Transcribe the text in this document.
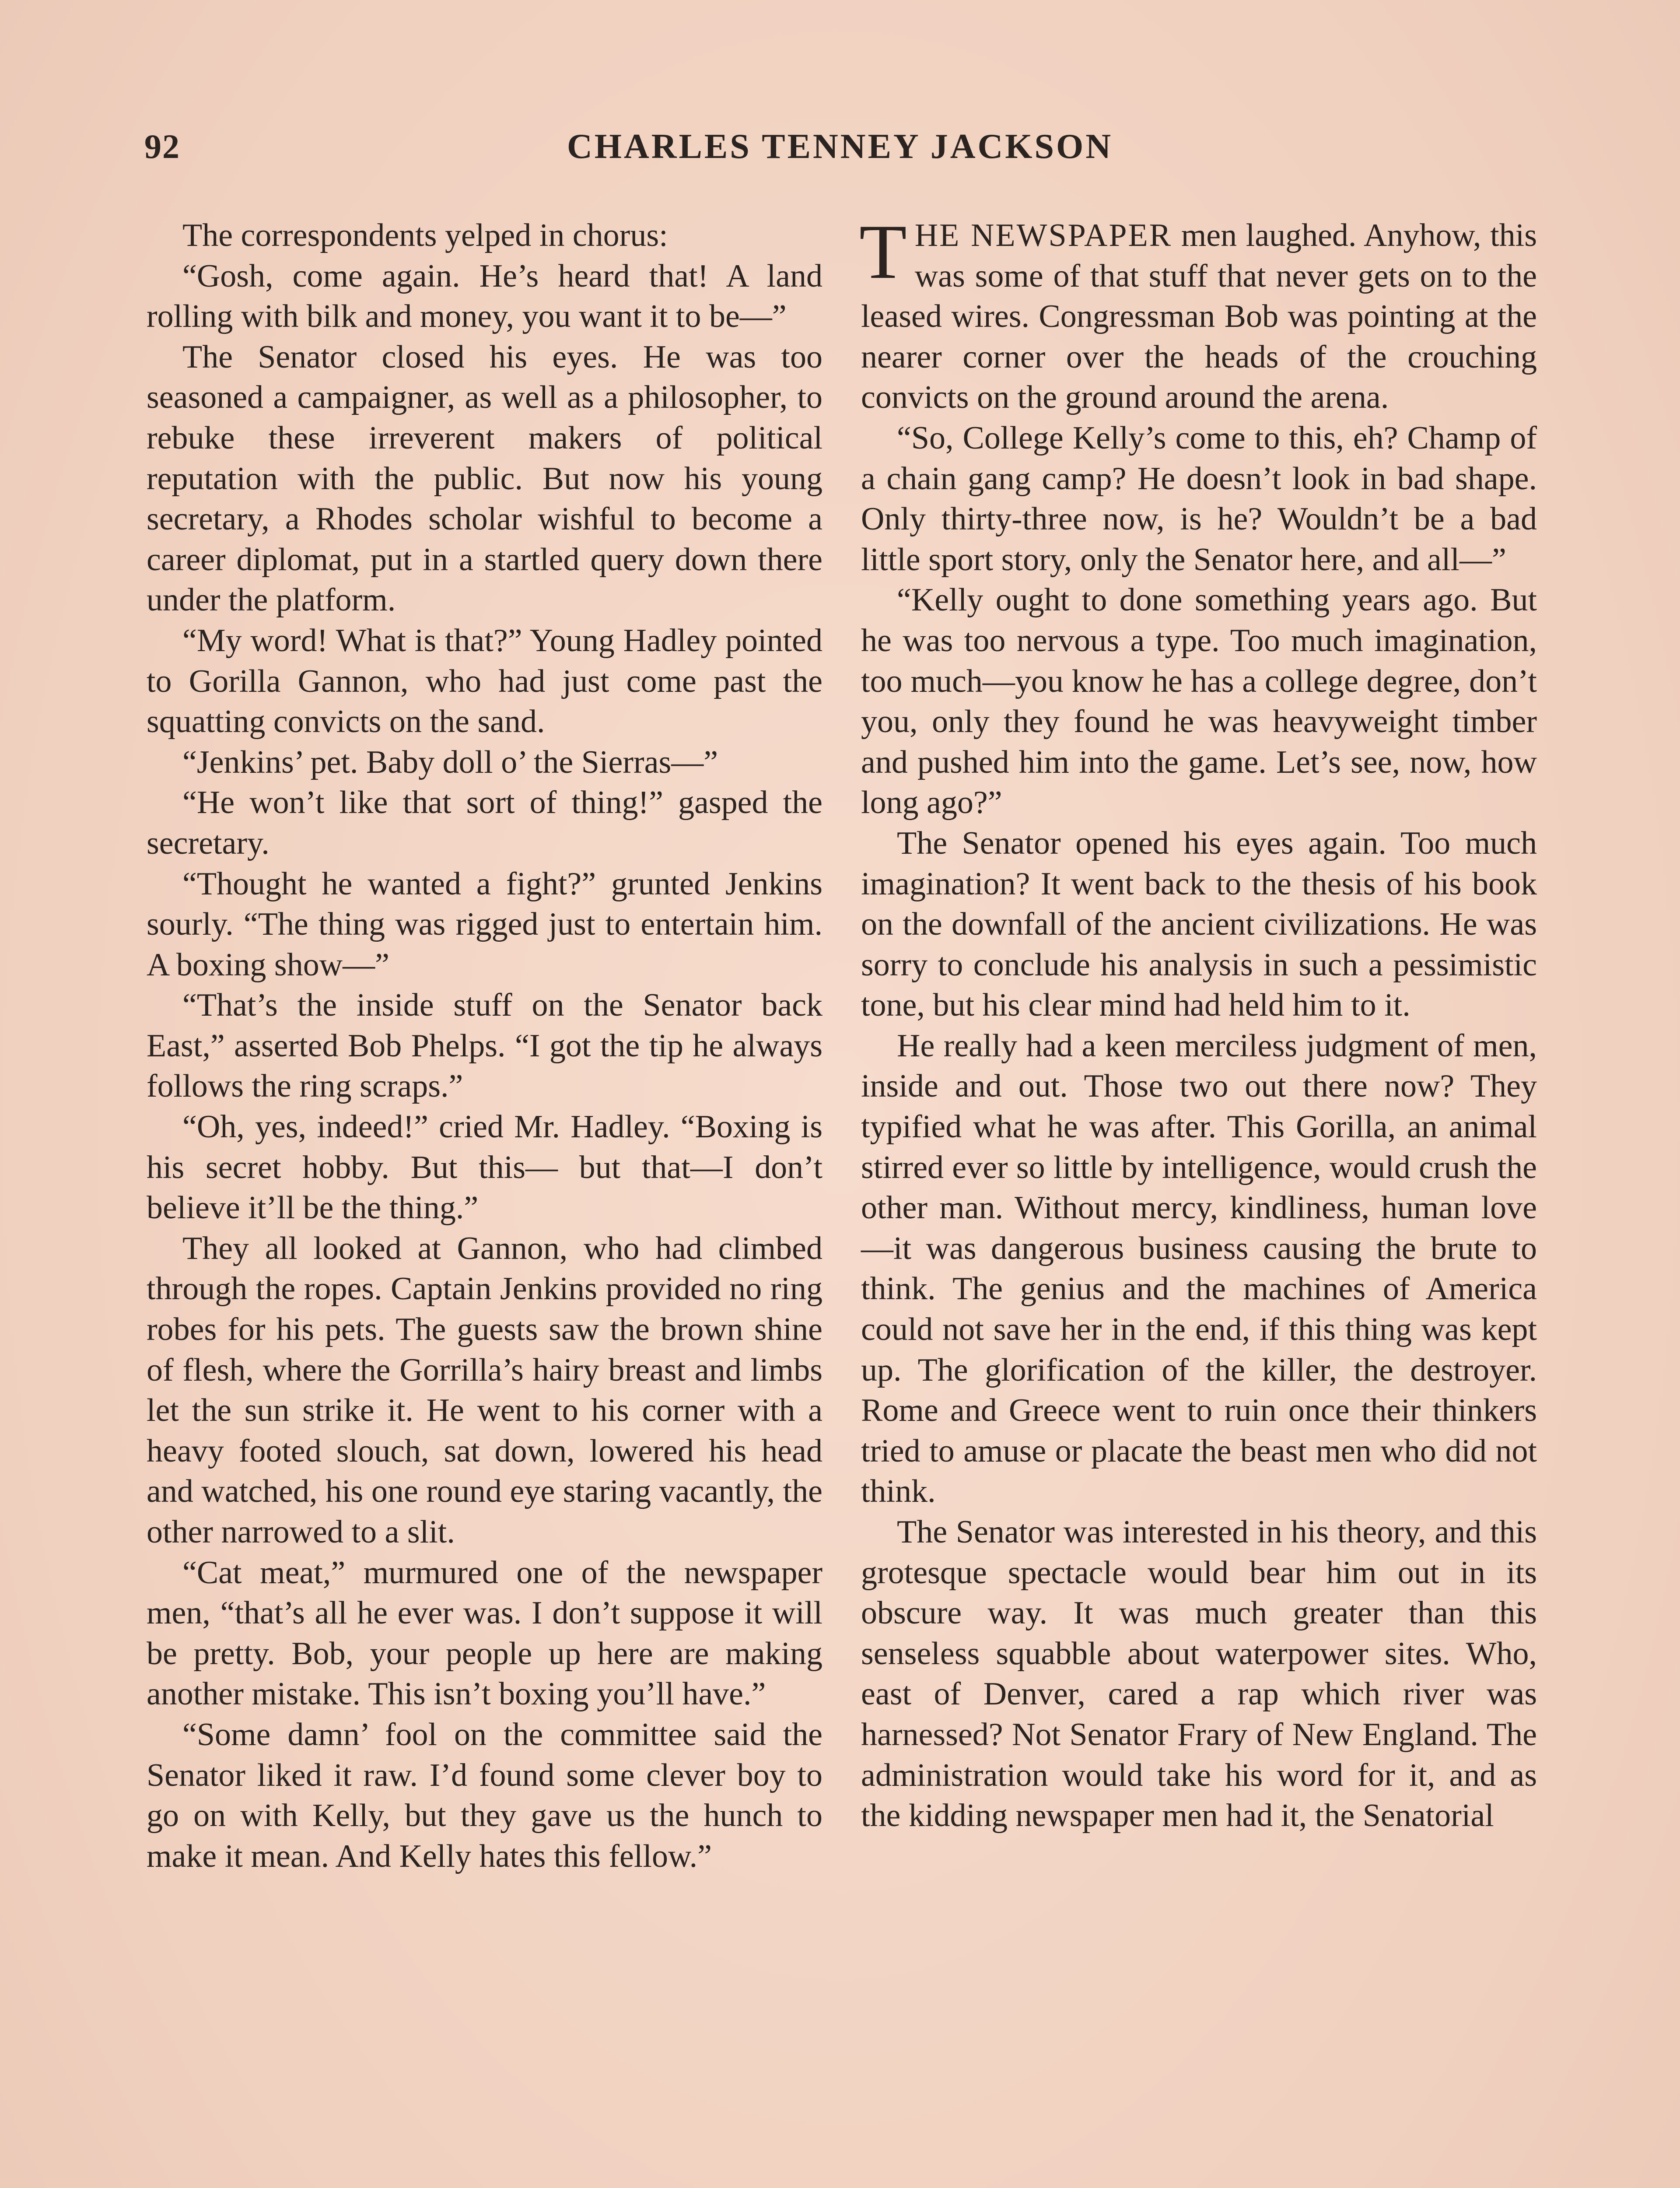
92	CHARLES TENNEY JACKSON

The correspondents yelped in chorus:

“Gosh, come again. He’s heard that! A land rolling with bilk and money, you want it to be—”

The Senator closed his eyes. He was too seasoned a campaigner, as well as a philosopher, to rebuke these irreverent makers of political reputation with the public. But now his young secretary, a Rhodes scholar wishful to become a career diplomat, put in a startled query down there under the platform.

“My word! What is that?” Young Hadley pointed to Gorilla Gannon, who had just come past the squatting convicts on the sand.

“Jenkins’ pet. Baby doll o’ the Sierras—”

“He won’t like that sort of thing!” gasped the secretary.

“Thought he wanted a fight?” grunted Jenkins sourly. “The thing was rigged just to entertain him. A boxing show—”

“That’s the inside stuff on the Senator back East,” asserted Bob Phelps. “I got the tip he always follows the ring scraps.”

“Oh, yes, indeed!” cried Mr. Hadley. “Boxing is his secret hobby. But this— but that—I don’t believe it’ll be the thing.”

They all looked at Gannon, who had climbed through the ropes. Captain Jenkins provided no ring robes for his pets. The guests saw the brown shine of flesh, where the Gorrilla’s hairy breast and limbs let the sun strike it. He went to his corner with a heavy footed slouch, sat down, lowered his head and watched, his one round eye staring vacantly, the other narrowed to a slit.

“Cat meat,” murmured one of the newspaper men, “that’s all he ever was. I don’t suppose it will be pretty. Bob, your people up here are making another mistake. This isn’t boxing you’ll have.”

“Some damn’ fool on the committee said the Senator liked it raw. I’d found some clever boy to go on with Kelly, but they gave us the hunch to make it mean. And Kelly hates this fellow.”

THE NEWSPAPER men laughed. Anyhow, this was some of that stuff that never gets on to the leased wires. Congressman Bob was pointing at the nearer corner over the heads of the crouching convicts on the ground around the arena.

“So, College Kelly’s come to this, eh? Champ of a chain gang camp? He doesn’t look in bad shape. Only thirty-three now, is he? Wouldn’t be a bad little sport story, only the Senator here, and all—”

“Kelly ought to done something years ago. But he was too nervous a type. Too much imagination, too much—you know he has a college degree, don’t you, only they found he was heavyweight timber and pushed him into the game. Let’s see, now, how long ago?”

The Senator opened his eyes again. Too much imagination? It went back to the thesis of his book on the downfall of the ancient civilizations. He was sorry to conclude his analysis in such a pessimistic tone, but his clear mind had held him to it.

He really had a keen merciless judgment of men, inside and out. Those two out there now? They typified what he was after. This Gorilla, an animal stirred ever so little by intelligence, would crush the other man. Without mercy, kindliness, human love—it was dangerous business causing the brute to think. The genius and the machines of America could not save her in the end, if this thing was kept up. The glorification of the killer, the destroyer. Rome and Greece went to ruin once their thinkers tried to amuse or placate the beast men who did not think.

The Senator was interested in his theory, and this grotesque spectacle would bear him out in its obscure way. It was much greater than this senseless squabble about waterpower sites. Who, east of Denver, cared a rap which river was harnessed? Not Senator Frary of New England. The administration would take his word for it, and as the kidding newspaper men had it, the Senatorial
